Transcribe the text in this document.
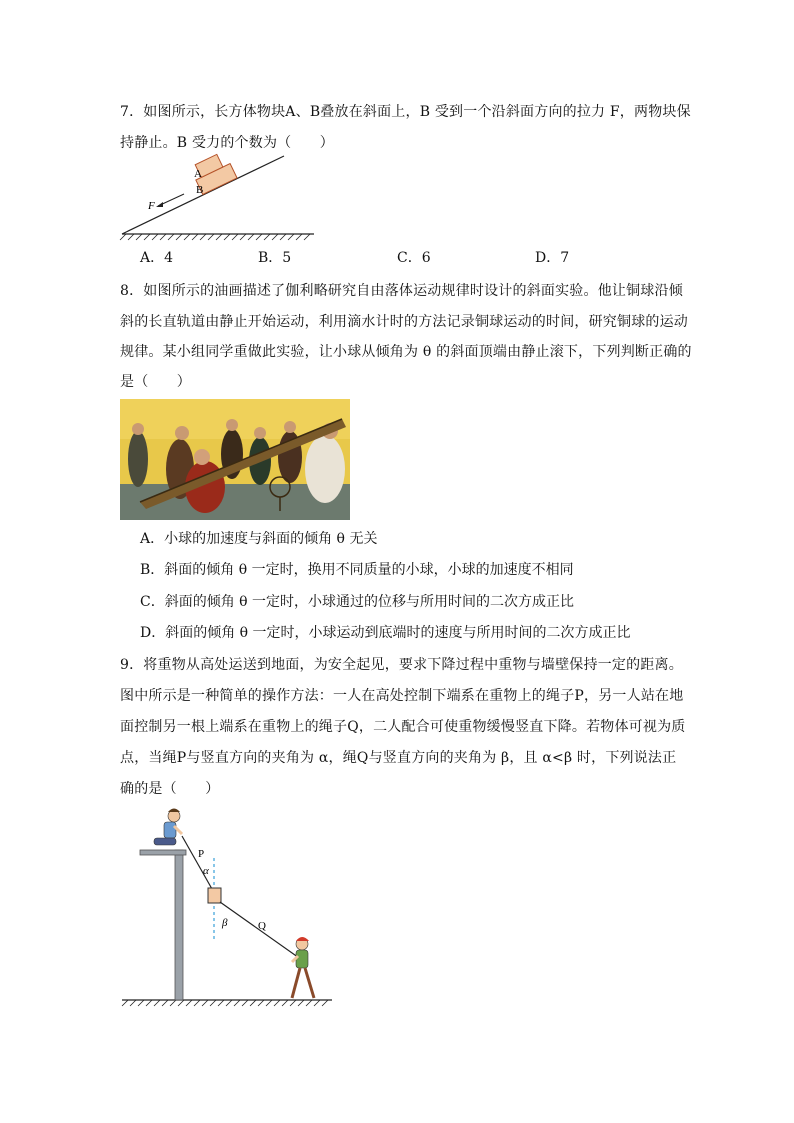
7．如图所示，长方体物块A、B叠放在斜面上，B 受到一个沿斜面方向的拉力 F，两物块保
持静止。B 受力的个数为（　　）
A
B
F
A．4	B．5	C．6	D．7
8．如图所示的油画描述了伽利略研究自由落体运动规律时设计的斜面实验。他让铜球沿倾
斜的长直轨道由静止开始运动，利用滴水计时的方法记录铜球运动的时间，研究铜球的运动
规律。某小组同学重做此实验，让小球从倾角为 θ 的斜面顶端由静止滚下，下列判断正确的
是（　　）
A．小球的加速度与斜面的倾角 θ 无关
B．斜面的倾角 θ 一定时，换用不同质量的小球，小球的加速度不相同
C．斜面的倾角 θ 一定时，小球通过的位移与所用时间的二次方成正比
D．斜面的倾角 θ 一定时，小球运动到底端时的速度与所用时间的二次方成正比
9．将重物从高处运送到地面，为安全起见，要求下降过程中重物与墙壁保持一定的距离。
图中所示是一种简单的操作方法：一人在高处控制下端系在重物上的绳子P，另一人站在地
面控制另一根上端系在重物上的绳子Q，二人配合可使重物缓慢竖直下降。若物体可视为质
点，当绳P与竖直方向的夹角为 α，绳Q与竖直方向的夹角为 β，且 α<β 时，下列说法正
确的是（　　）
P
α
β	Q
